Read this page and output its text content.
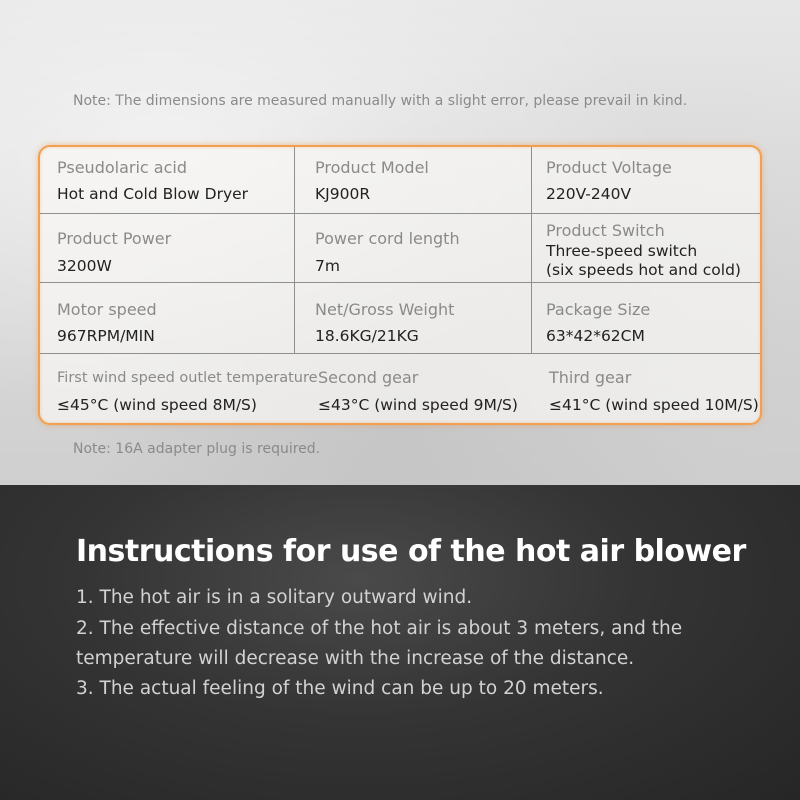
Note: The dimensions are measured manually with a slight error, please prevail in kind.
Pseudolaric acid
Hot and Cold Blow Dryer
Product Model
KJ900R
Product Voltage
220V-240V
Product Power
3200W
Power cord length
7m
Product Switch
Three-speed switch
(six speeds hot and cold)
Motor speed
967RPM/MIN
Net/Gross Weight
18.6KG/21KG
Package Size
63*42*62CM
First wind speed outlet temperature
≤45°C (wind speed 8M/S)
Second gear
≤43°C (wind speed 9M/S)
Third gear
≤41°C (wind speed 10M/S)
Note: 16A adapter plug is required.
Instructions for use of the hot air blower
1. The hot air is in a solitary outward wind.
2. The effective distance of the hot air is about 3 meters, and the
temperature will decrease with the increase of the distance.
3. The actual feeling of the wind can be up to 20 meters.
